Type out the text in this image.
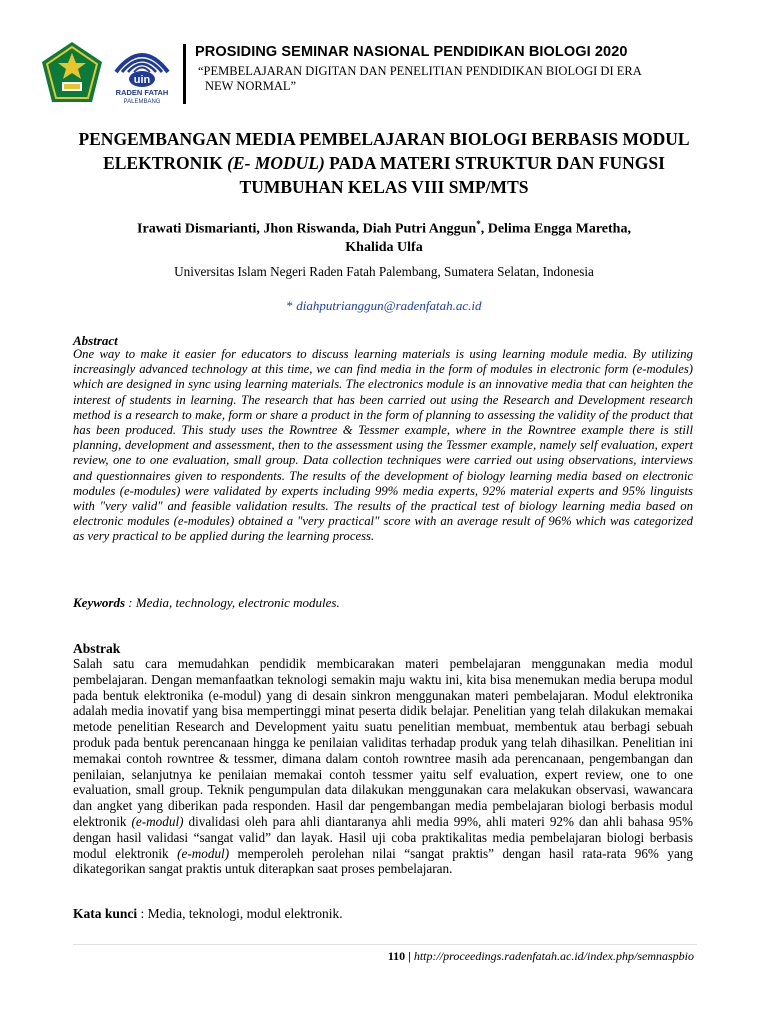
uin
RADEN FATAH
PALEMBANG
PROSIDING SEMINAR NASIONAL PENDIDIKAN BIOLOGI 2020
“PEMBELAJARAN DIGITAN DAN PENELITIAN PENDIDIKAN BIOLOGI DI ERA
NEW NORMAL”
PENGEMBANGAN MEDIA PEMBELAJARAN BIOLOGI BERBASIS MODUL ELEKTRONIK (E- MODUL) PADA MATERI STRUKTUR DAN FUNGSI TUMBUHAN KELAS VIII SMP/MTS
Irawati Dismarianti, Jhon Riswanda, Diah Putri Anggun*, Delima Engga Maretha,
Khalida Ulfa
Universitas Islam Negeri Raden Fatah Palembang, Sumatera Selatan, Indonesia
* diahputrianggun@radenfatah.ac.id
Abstract
One way to make it easier for educators to discuss learning materials is using learning module media. By utilizing increasingly advanced technology at this time, we can find media in the form of modules in electronic form (e-modules) which are designed in sync using learning materials. The electronics module is an innovative media that can heighten the interest of students in learning. The research that has been carried out using the Research and Development research method is a research to make, form or share a product in the form of planning to assessing the validity of the product that has been produced. This study uses the Rowntree & Tessmer example, where in the Rowntree example there is still planning, development and assessment, then to the assessment using the Tessmer example, namely self evaluation, expert review, one to one evaluation, small group. Data collection techniques were carried out using observations, interviews and questionnaires given to respondents. The results of the development of biology learning media based on electronic modules (e-modules) were validated by experts including 99% media experts, 92% material experts and 95% linguists with "very valid" and feasible validation results. The results of the practical test of biology learning media based on electronic modules (e-modules) obtained a "very practical" score with an average result of 96% which was categorized as very practical to be applied during the learning process.
Keywords : Media, technology, electronic modules.
Abstrak
Salah satu cara memudahkan pendidik membicarakan materi pembelajaran menggunakan media modul pembelajaran. Dengan memanfaatkan teknologi semakin maju waktu ini, kita bisa menemukan media berupa modul pada bentuk elektronika (e-modul) yang di desain sinkron menggunakan materi pembelajaran. Modul elektronika adalah media inovatif yang bisa mempertinggi minat peserta didik belajar. Penelitian yang telah dilakukan memakai metode penelitian Research and Development yaitu suatu penelitian membuat, membentuk atau berbagi sebuah produk pada bentuk perencanaan hingga ke penilaian validitas terhadap produk yang telah dihasilkan. Penelitian ini memakai contoh rowntree & tessmer, dimana dalam contoh rowntree masih ada perencanaan, pengembangan dan penilaian, selanjutnya ke penilaian memakai contoh tessmer yaitu self evaluation, expert review, one to one evaluation, small group. Teknik pengumpulan data dilakukan menggunakan cara melakukan observasi, wawancara dan angket yang diberikan pada responden. Hasil dar pengembangan media pembelajaran biologi berbasis modul elektronik (e-modul) divalidasi oleh para ahli diantaranya ahli media 99%, ahli materi 92% dan ahli bahasa 95% dengan hasil validasi “sangat valid” dan layak. Hasil uji coba praktikalitas media pembelajaran biologi berbasis modul elektronik (e-modul) memperoleh perolehan nilai “sangat praktis” dengan hasil rata-rata 96% yang dikategorikan sangat praktis untuk diterapkan saat proses pembelajaran.
Kata kunci : Media, teknologi, modul elektronik.
110 | http://proceedings.radenfatah.ac.id/index.php/semnaspbio
